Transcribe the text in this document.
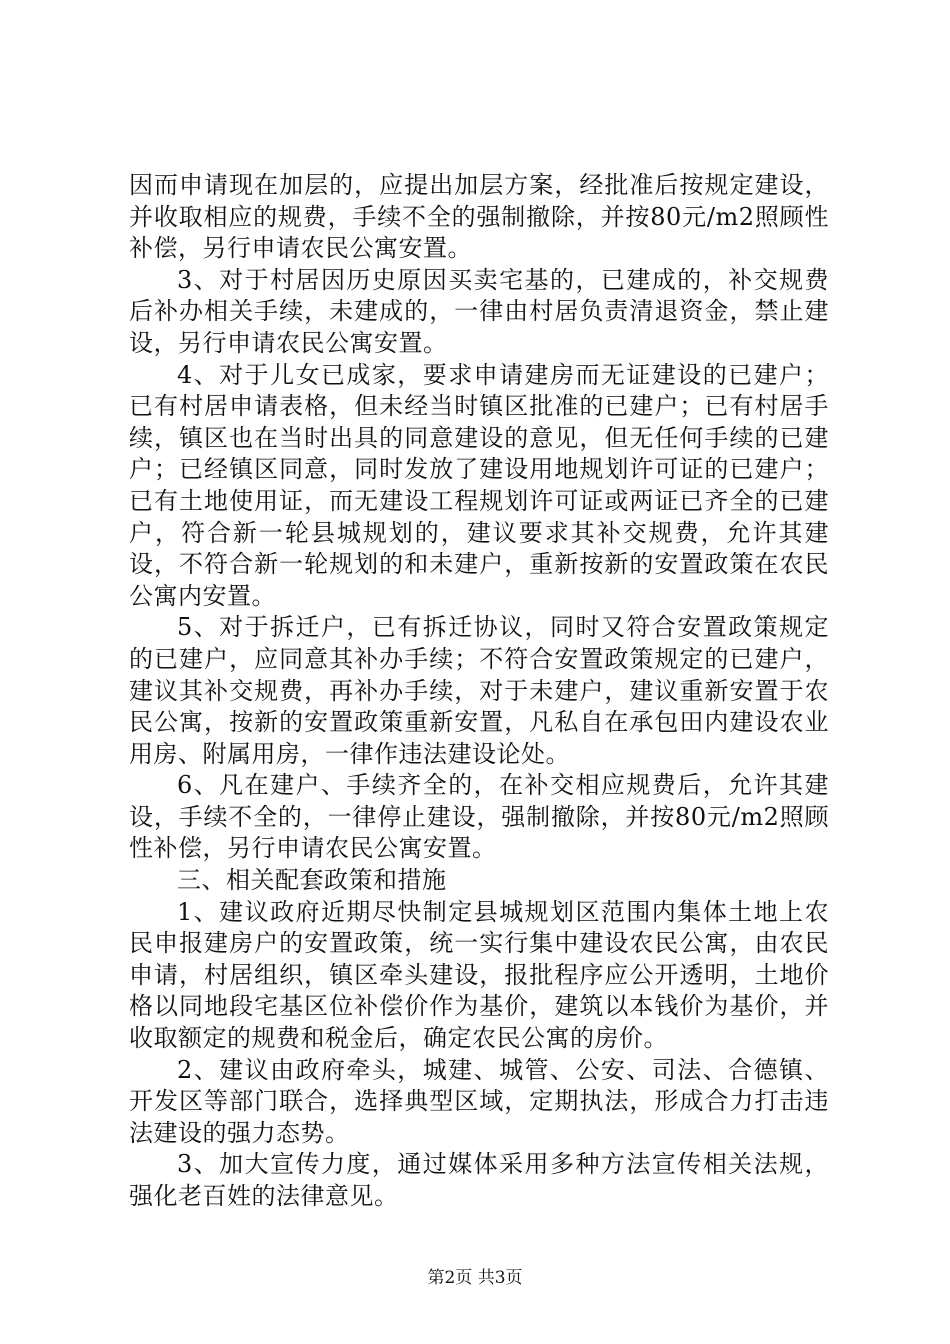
因而申请现在加层的，应提出加层方案，经批准后按规定建设，并收取相应的规费，手续不全的强制撤除，并按80元/m2照顾性补偿，另行申请农民公寓安置。

3、对于村居因历史原因买卖宅基的，已建成的，补交规费后补办相关手续，未建成的，一律由村居负责清退资金，禁止建设，另行申请农民公寓安置。

4、对于儿女已成家，要求申请建房而无证建设的已建户；已有村居申请表格，但未经当时镇区批准的已建户；已有村居手续，镇区也在当时出具的同意建设的意见，但无任何手续的已建户；已经镇区同意，同时发放了建设用地规划许可证的已建户；已有土地使用证，而无建设工程规划许可证或两证已齐全的已建户，符合新一轮县城规划的，建议要求其补交规费，允许其建设，不符合新一轮规划的和未建户，重新按新的安置政策在农民公寓内安置。

5、对于拆迁户，已有拆迁协议，同时又符合安置政策规定的已建户，应同意其补办手续；不符合安置政策规定的已建户，建议其补交规费，再补办手续，对于未建户，建议重新安置于农民公寓，按新的安置政策重新安置，凡私自在承包田内建设农业用房、附属用房，一律作违法建设论处。

6、凡在建户、手续齐全的，在补交相应规费后，允许其建设，手续不全的，一律停止建设，强制撤除，并按80元/m2照顾性补偿，另行申请农民公寓安置。

三、相关配套政策和措施

1、建议政府近期尽快制定县城规划区范围内集体土地上农民申报建房户的安置政策，统一实行集中建设农民公寓，由农民申请，村居组织，镇区牵头建设，报批程序应公开透明，土地价格以同地段宅基区位补偿价作为基价，建筑以本钱价为基价，并收取额定的规费和税金后，确定农民公寓的房价。

2、建议由政府牵头，城建、城管、公安、司法、合德镇、开发区等部门联合，选择典型区域，定期执法，形成合力打击违法建设的强力态势。

3、加大宣传力度，通过媒体采用多种方法宣传相关法规，强化老百姓的法律意见。

第2页 共3页
